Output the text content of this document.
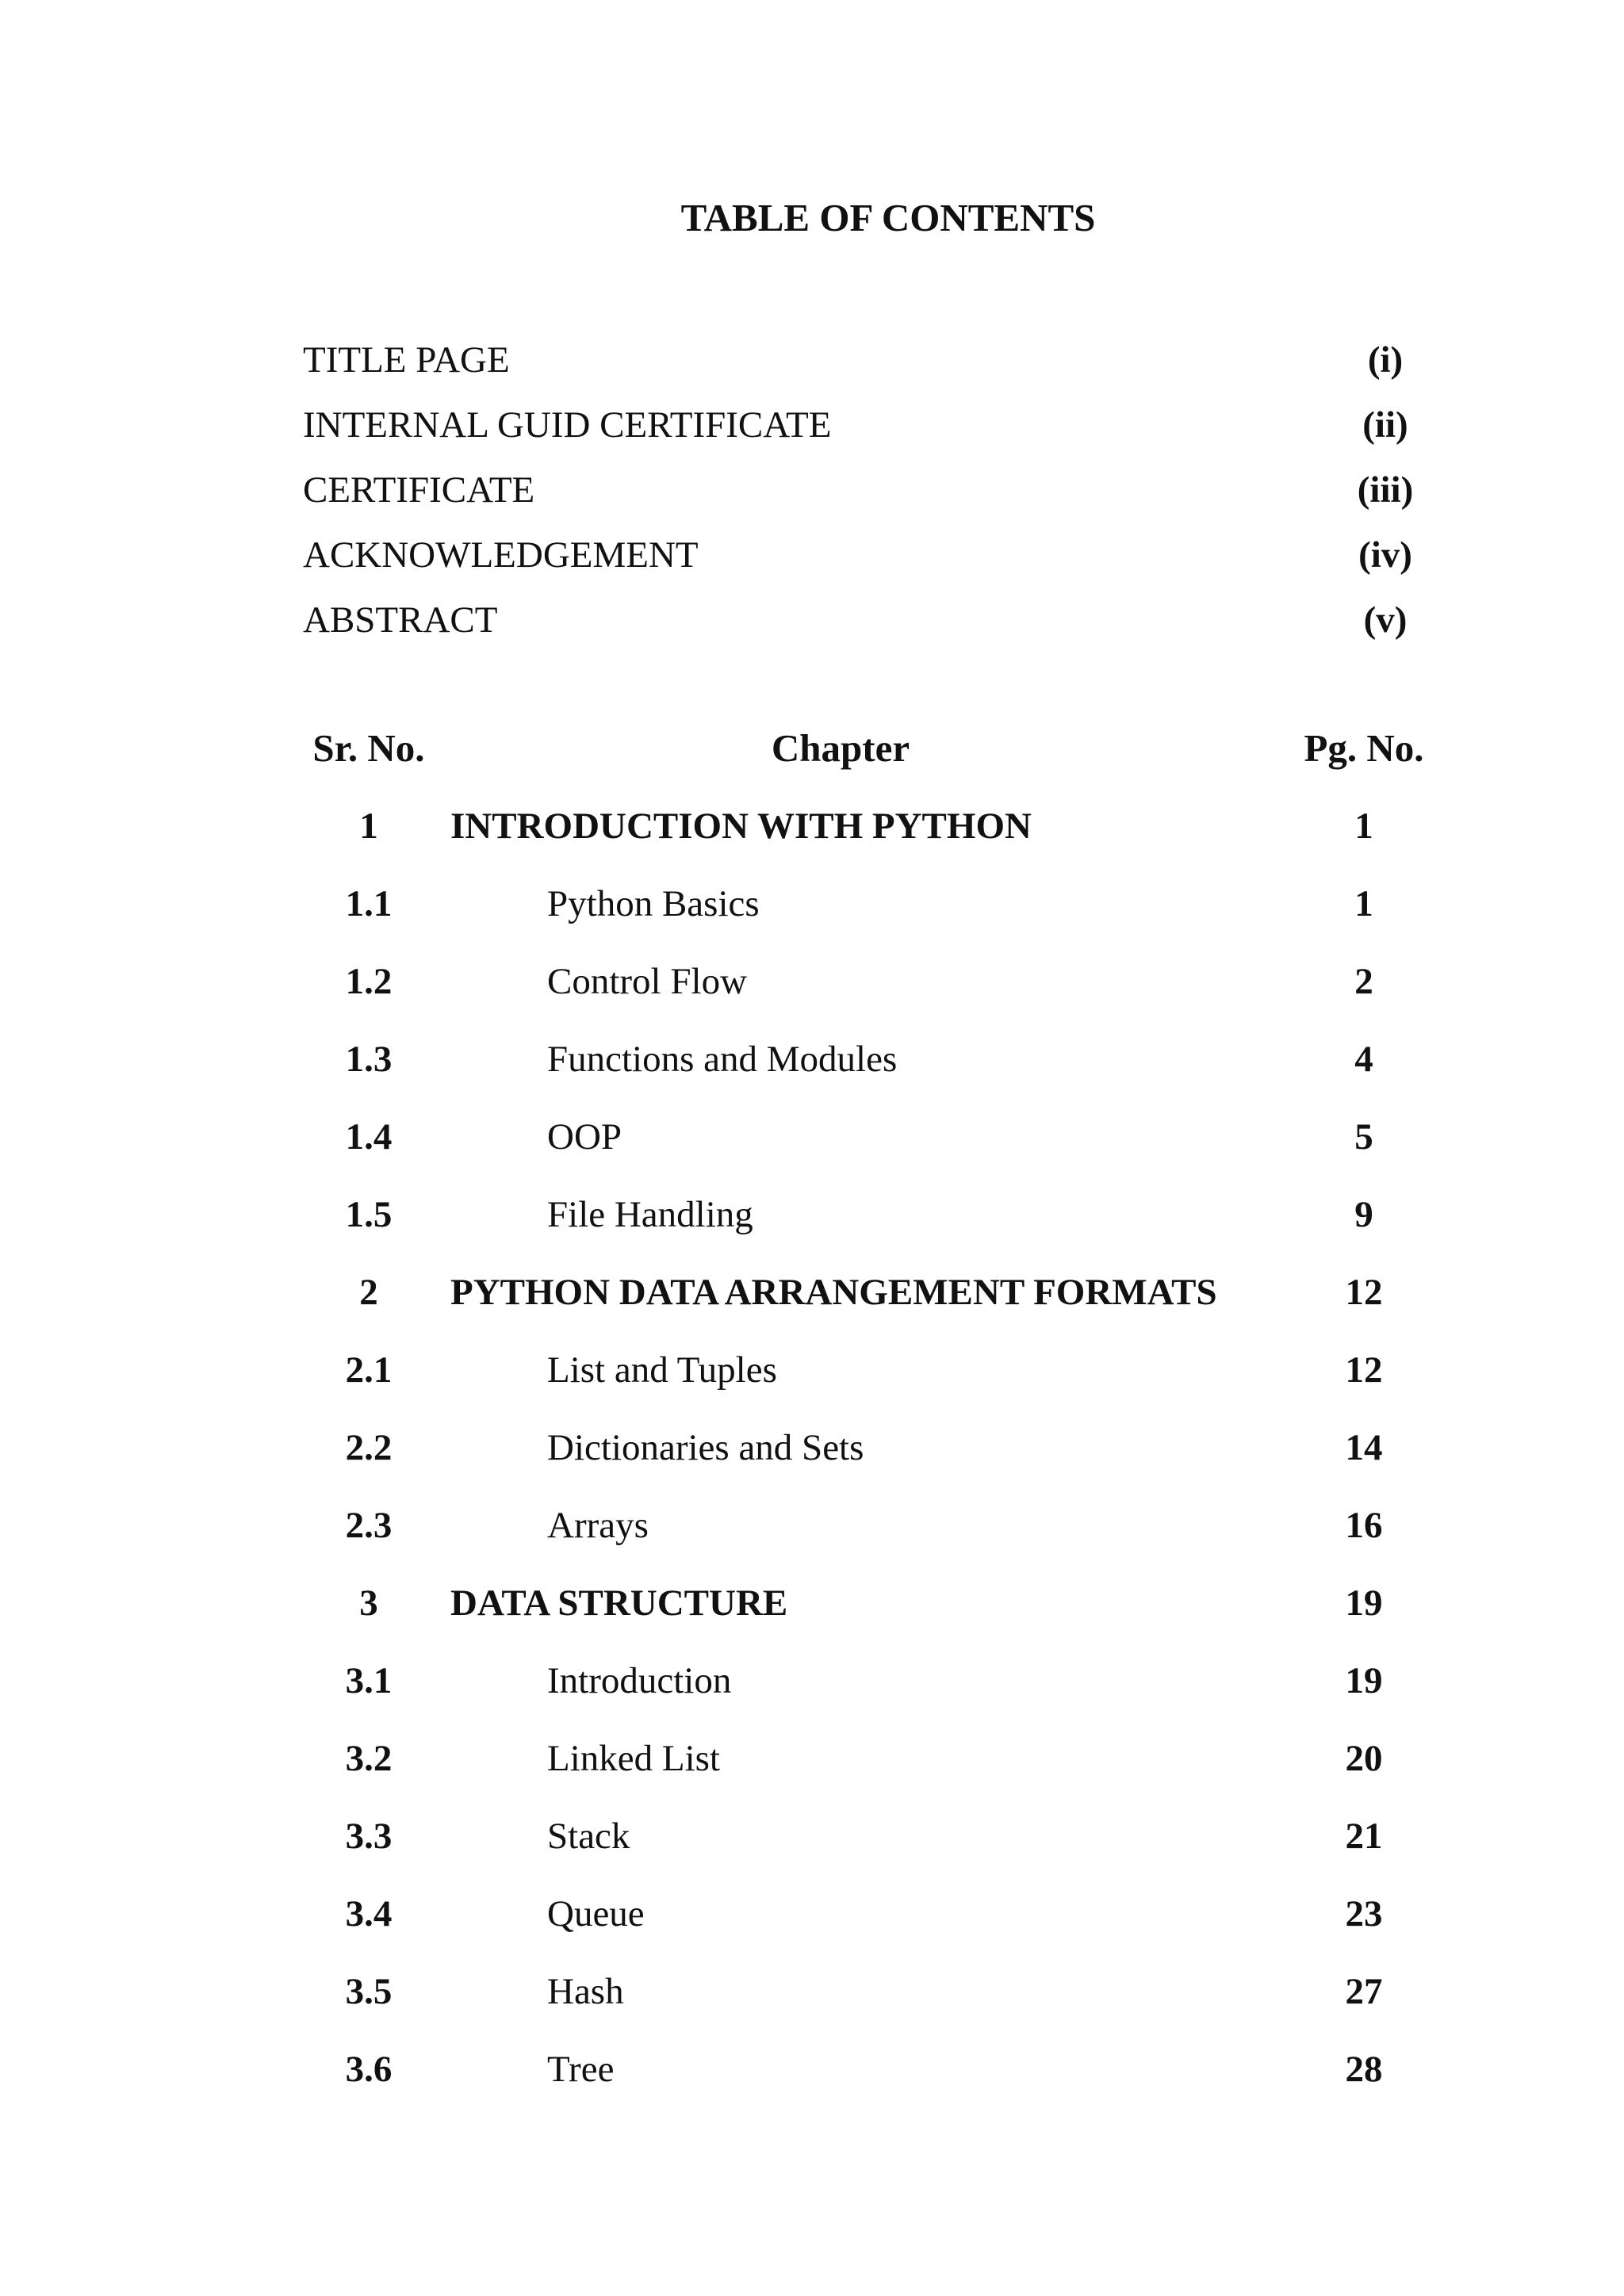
TABLE OF CONTENTS
TITLE PAGE	(i)
INTERNAL GUID CERTIFICATE	(ii)
CERTIFICATE	(iii)
ACKNOWLEDGEMENT	(iv)
ABSTRACT	(v)
Sr. No.	Chapter	Pg. No.
1	INTRODUCTION WITH PYTHON	1
1.1	Python Basics	1
1.2	Control Flow	2
1.3	Functions and Modules	4
1.4	OOP	5
1.5	File Handling	9
2	PYTHON DATA ARRANGEMENT FORMATS	12
2.1	List and Tuples	12
2.2	Dictionaries and Sets	14
2.3	Arrays	16
3	DATA STRUCTURE	19
3.1	Introduction	19
3.2	Linked List	20
3.3	Stack	21
3.4	Queue	23
3.5	Hash	27
3.6	Tree	28
